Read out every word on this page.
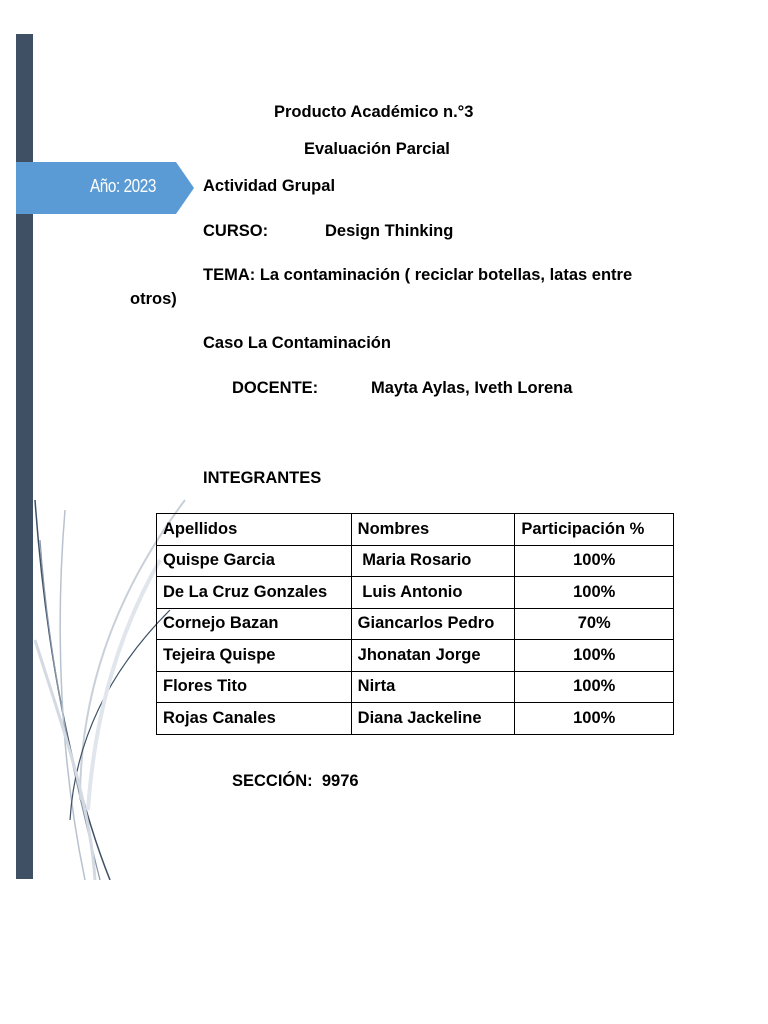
Año: 2023
Producto Académico n.°3
Evaluación Parcial
Actividad Grupal
CURSO:	Design Thinking
TEMA: La contaminación ( reciclar botellas, latas entre
otros)
Caso La Contaminación
DOCENTE:	Mayta Aylas, Iveth Lorena
INTEGRANTES
Apellidos	Nombres	Participación %
Quispe Garcia	Maria Rosario	100%
De La Cruz Gonzales	Luis Antonio	100%
Cornejo Bazan	Giancarlos Pedro	70%
Tejeira Quispe	Jhonatan Jorge	100%
Flores Tito	Nirta	100%
Rojas Canales	Diana Jackeline	100%
SECCIÓN:  9976
